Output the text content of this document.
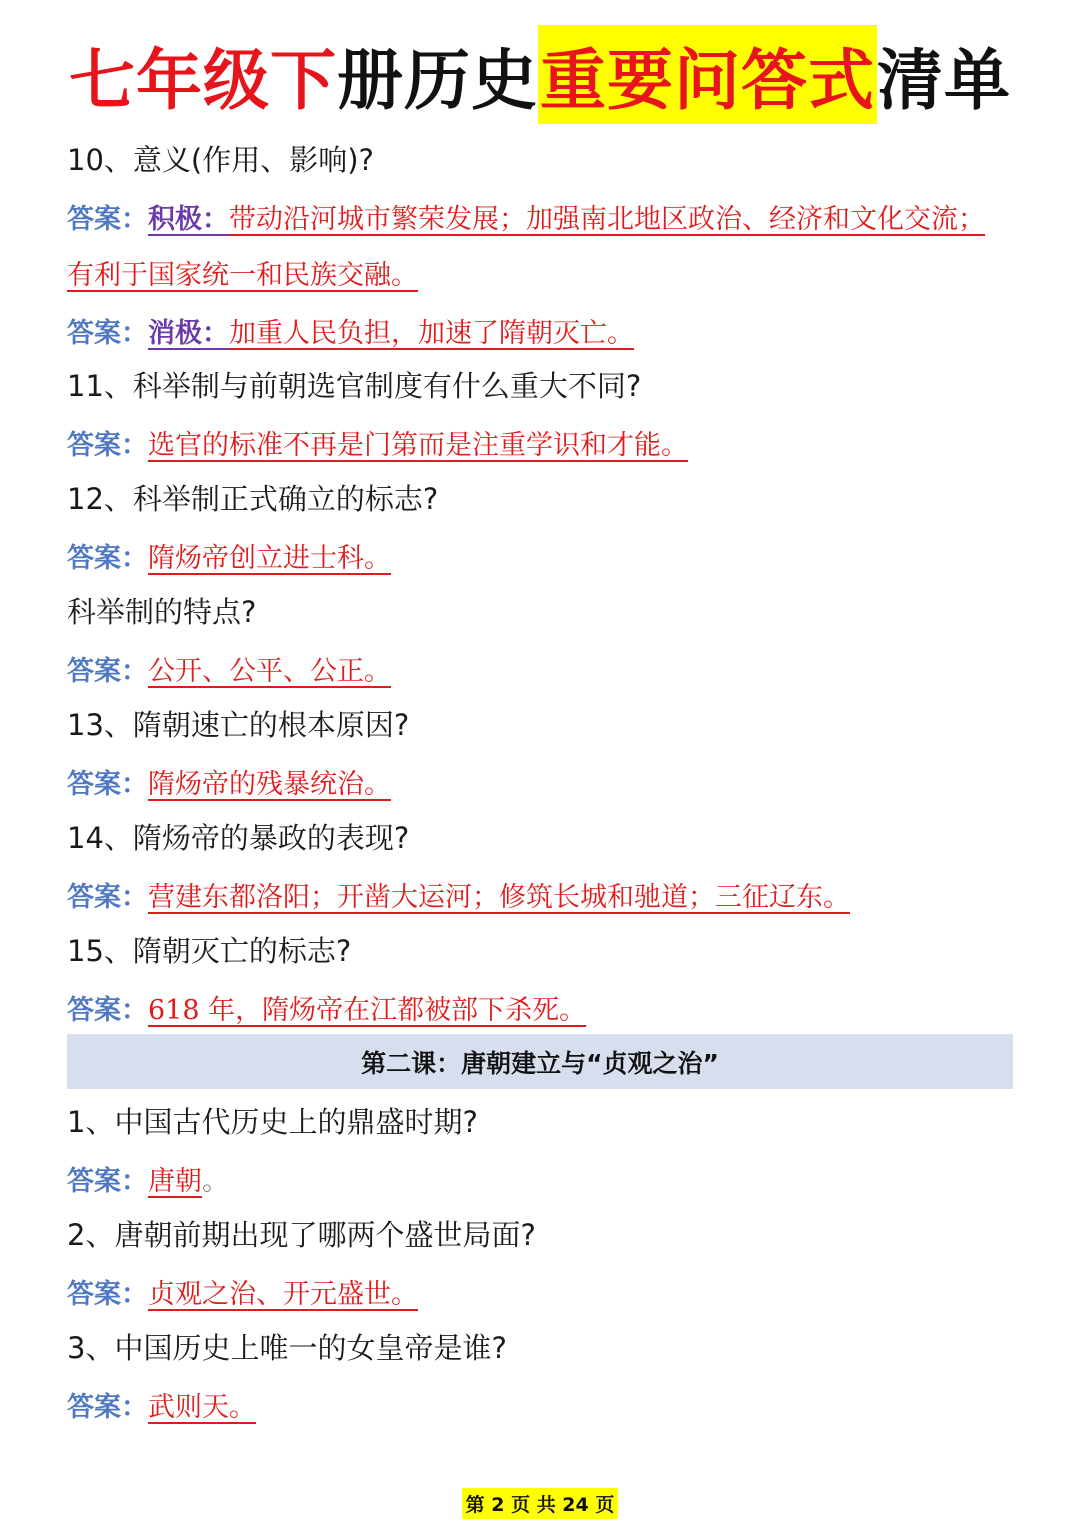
七年级下 册历史 重要问答式 清单
10、意义(作用、影响)?
答案：积极：带动沿河城市繁荣发展；加强南北地区政治、经济和文化交流；
有利于国家统一和民族交融。
答案：消极：加重人民负担，加速了隋朝灭亡。
11、科举制与前朝选官制度有什么重大不同?
答案：选官的标准不再是门第而是注重学识和才能。
12、科举制正式确立的标志?
答案：隋炀帝创立进士科。
科举制的特点?
答案：公开、公平、公正。
13、隋朝速亡的根本原因?
答案：隋炀帝的残暴统治。
14、隋炀帝的暴政的表现?
答案：营建东都洛阳；开凿大运河；修筑长城和驰道；三征辽东。
15、隋朝灭亡的标志?
答案：618 年，隋炀帝在江都被部下杀死。
第二课：唐朝建立与“贞观之治”
1、中国古代历史上的鼎盛时期?
答案：唐朝。
2、唐朝前期出现了哪两个盛世局面?
答案：贞观之治、开元盛世。
3、中国历史上唯一的女皇帝是谁?
答案：武则天。
第 2 页 共 24 页
